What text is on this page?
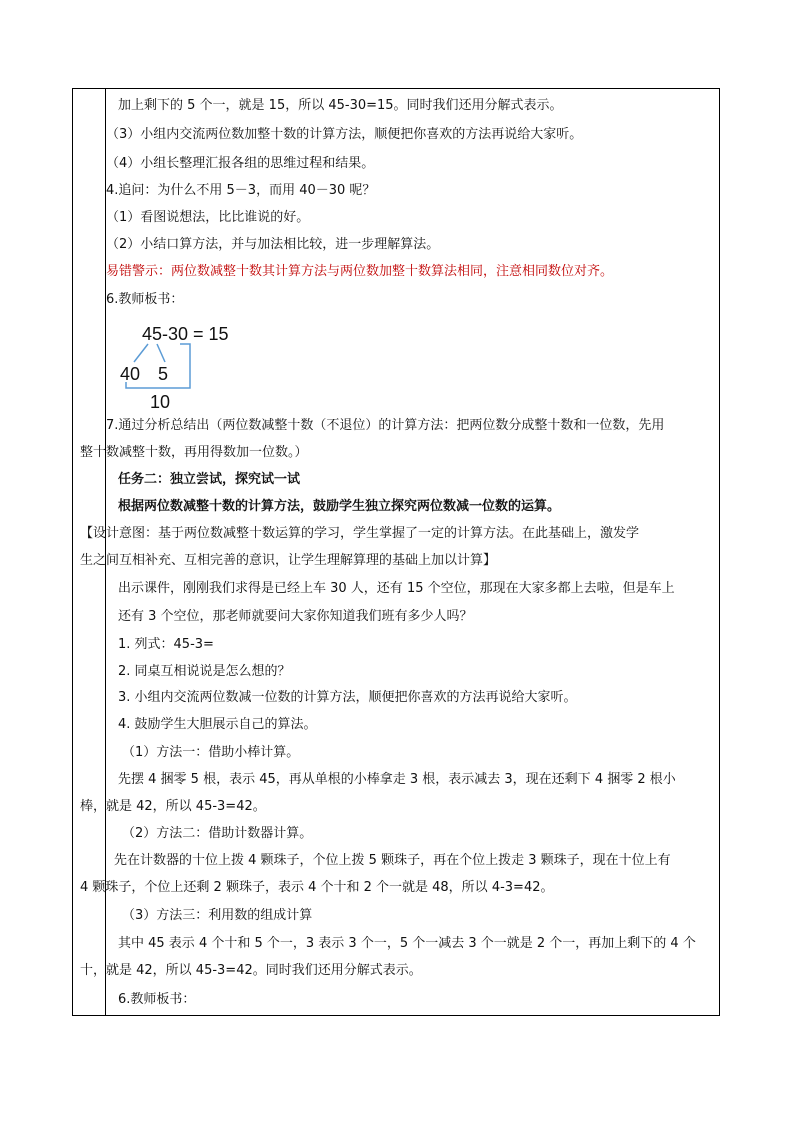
加上剩下的 5 个一，就是 15，所以 45-30=15。同时我们还用分解式表示。
（3）小组内交流两位数加整十数的计算方法，顺便把你喜欢的方法再说给大家听。
（4）小组长整理汇报各组的思维过程和结果。
4.追问：为什么不用 5－3，而用 40－30 呢？
（1）看图说想法，比比谁说的好。
（2）小结口算方法，并与加法相比较，进一步理解算法。
易错警示：两位数减整十数其计算方法与两位数加整十数算法相同，注意相同数位对齐。
6.教师板书：
45-30 = 15
40 5
10
7.通过分析总结出（两位数减整十数（不退位）的计算方法：把两位数分成整十数和一位数，先用
整十数减整十数，再用得数加一位数。）
任务二：独立尝试，探究试一试
根据两位数减整十数的计算方法，鼓励学生独立探究两位数减一位数的运算。
【设计意图：基于两位数减整十数运算的学习，学生掌握了一定的计算方法。在此基础上，激发学
生之间互相补充、互相完善的意识，让学生理解算理的基础上加以计算】
出示课件，刚刚我们求得是已经上车 30 人，还有 15 个空位，那现在大家多都上去啦，但是车上
还有 3 个空位，那老师就要问大家你知道我们班有多少人吗？
1. 列式：45-3=
2. 同桌互相说说是怎么想的？
3. 小组内交流两位数减一位数的计算方法，顺便把你喜欢的方法再说给大家听。
4. 鼓励学生大胆展示自己的算法。
（1）方法一：借助小棒计算。
先摆 4 捆零 5 根，表示 45，再从单根的小棒拿走 3 根，表示减去 3，现在还剩下 4 捆零 2 根小
棒，就是 42，所以 45-3=42。
（2）方法二：借助计数器计算。
先在计数器的十位上拨 4 颗珠子，个位上拨 5 颗珠子，再在个位上拨走 3 颗珠子，现在十位上有
4 颗珠子，个位上还剩 2 颗珠子，表示 4 个十和 2 个一就是 48，所以 4-3=42。
（3）方法三：利用数的组成计算
其中 45 表示 4 个十和 5 个一，3 表示 3 个一，5 个一减去 3 个一就是 2 个一，再加上剩下的 4 个
十，就是 42，所以 45-3=42。同时我们还用分解式表示。
6.教师板书：
